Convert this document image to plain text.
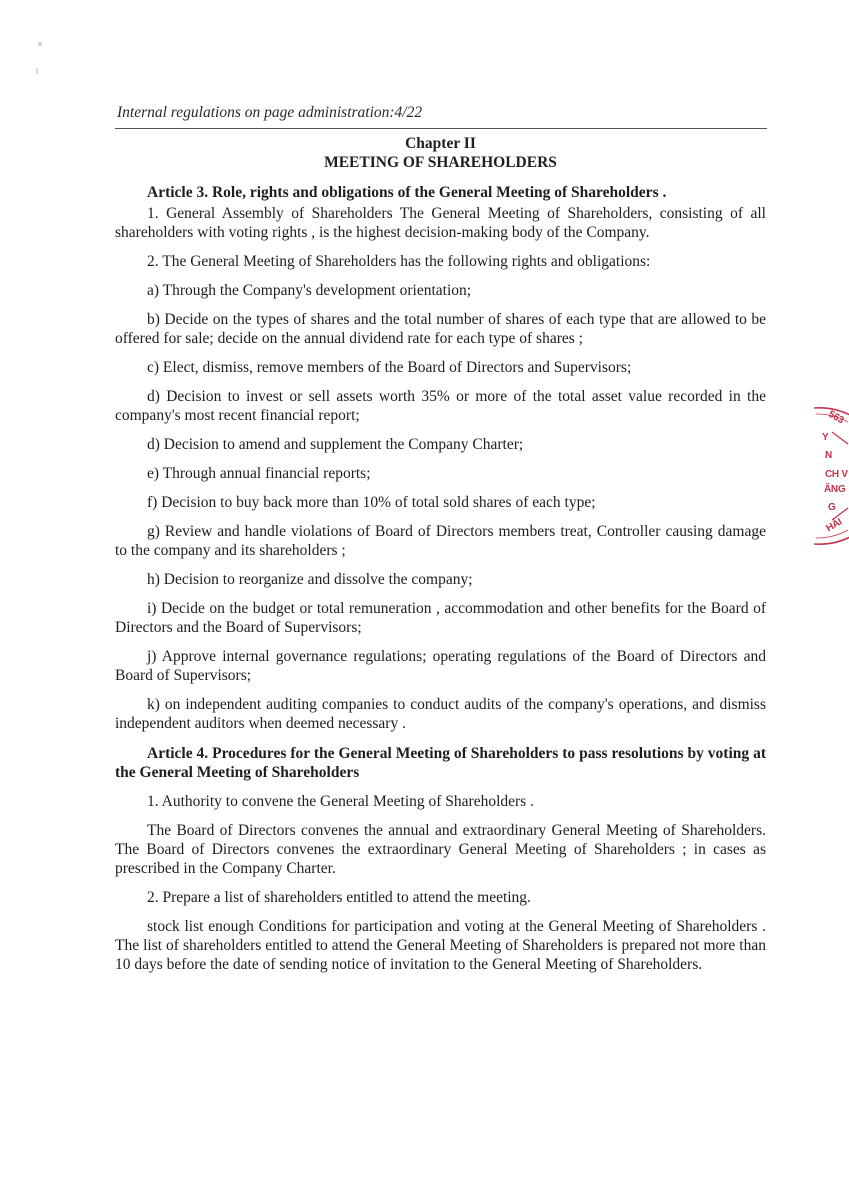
Internal regulations on page administration:4/22
Chapter II
MEETING OF SHAREHOLDERS
Article 3. Role, rights and obligations of the General Meeting of Shareholders .

1. General Assembly of Shareholders The General Meeting of Shareholders, consisting of all shareholders with voting rights , is the highest decision-making body of the Company.

2. The General Meeting of Shareholders has the following rights and obligations:

a) Through the Company's development orientation;

b) Decide on the types of shares and the total number of shares of each type that are allowed to be offered for sale; decide on the annual dividend rate for each type of shares ;

c) Elect, dismiss, remove members of the Board of Directors and Supervisors;

d) Decision to invest or sell assets worth 35% or more of the total asset value recorded in the company's most recent financial report;

d) Decision to amend and supplement the Company Charter;

e) Through annual financial reports;

f) Decision to buy back more than 10% of total sold shares of each type;

g) Review and handle violations of Board of Directors members treat, Controller causing damage to the company and its shareholders ;

h) Decision to reorganize and dissolve the company;

i) Decide on the budget or total remuneration , accommodation and other benefits for the Board of Directors and the Board of Supervisors;

j) Approve internal governance regulations; operating regulations of the Board of Directors and Board of Supervisors;

k) on independent auditing companies to conduct audits of the company's operations, and dismiss independent auditors when deemed necessary .

Article 4. Procedures for the General Meeting of Shareholders to pass resolutions by voting at the General Meeting of Shareholders

1. Authority to convene the General Meeting of Shareholders .

The Board of Directors convenes the annual and extraordinary General Meeting of Shareholders. The Board of Directors convenes the extraordinary General Meeting of Shareholders ; in cases as prescribed in the Company Charter.

2. Prepare a list of shareholders entitled to attend the meeting.

stock list enough Conditions for participation and voting at the General Meeting of Shareholders . The list of shareholders entitled to attend the General Meeting of Shareholders is prepared not more than 10 days before the date of sending notice of invitation to the General Meeting of Shareholders.

563
Y
N
CH V
ĂNG
G
HẢI
